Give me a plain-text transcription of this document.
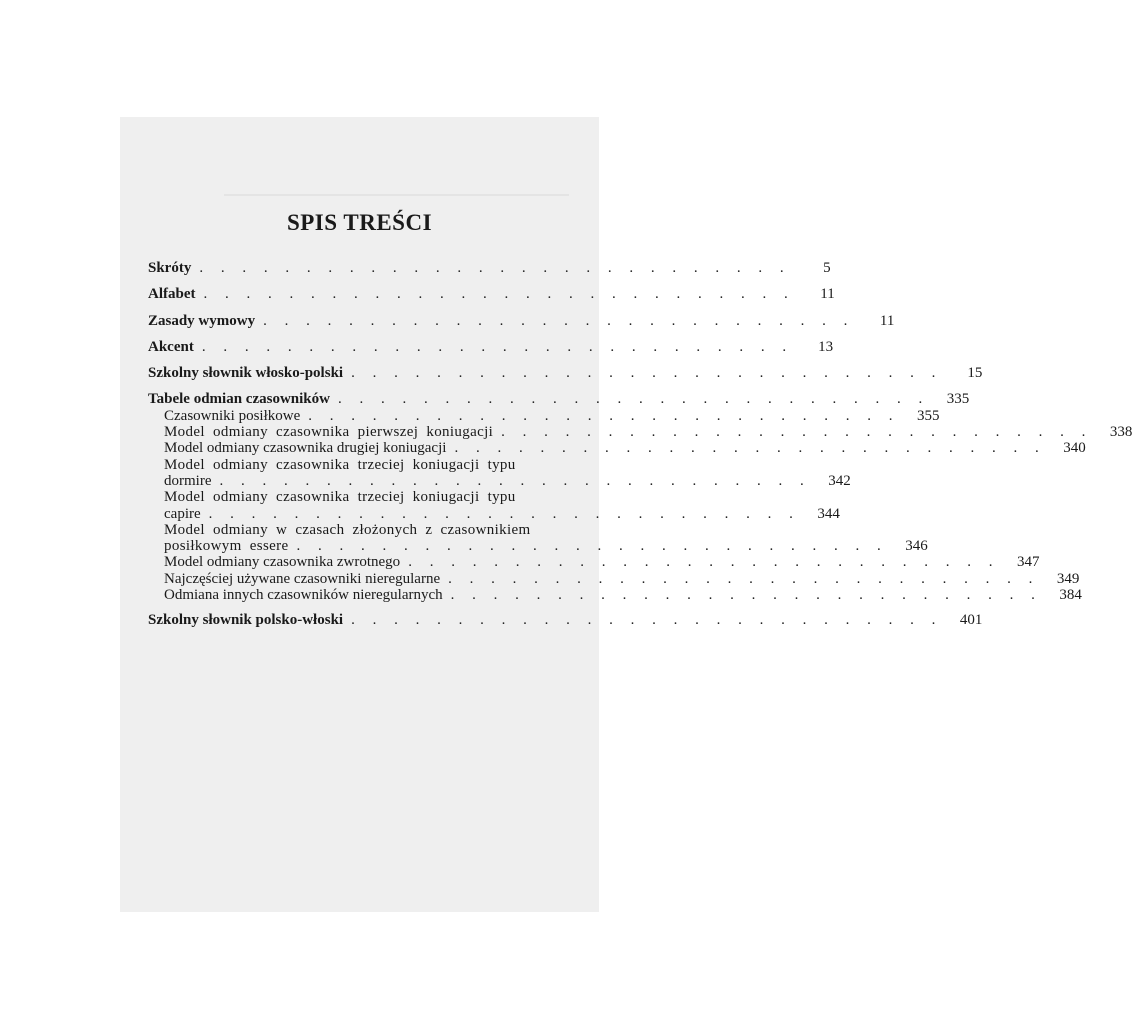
SPIS TREŚCI
Skróty . . . . . . . . . . . . . . . . . . . . . . . . . . . .	5
Alfabet . . . . . . . . . . . . . . . . . . . . . . . . . . . .	11
Zasady wymowy . . . . . . . . . . . . . . . . . . . . . . . . . . . .	11
Akcent . . . . . . . . . . . . . . . . . . . . . . . . . . . .	13
Szkolny słownik włosko-polski . . . . . . . . . . . . . . . . . . . . . . . . . . . .	15
Tabele odmian czasowników . . . . . . . . . . . . . . . . . . . . . . . . . . . .	335
Czasowniki posiłkowe . . . . . . . . . . . . . . . . . . . . . . . . . . . .	355
Model odmiany czasownika pierwszej koniugacji . . . . . . . . . . . . . . . . . . . . . . . . . . . .	338
Model odmiany czasownika drugiej koniugacji . . . . . . . . . . . . . . . . . . . . . . . . . . . .	340
Model odmiany czasownika trzeciej koniugacji typu
dormire . . . . . . . . . . . . . . . . . . . . . . . . . . . .	342
Model odmiany czasownika trzeciej koniugacji typu
capire . . . . . . . . . . . . . . . . . . . . . . . . . . . .	344
Model odmiany w czasach złożonych z czasownikiem
posiłkowym essere . . . . . . . . . . . . . . . . . . . . . . . . . . . .	346
Model odmiany czasownika zwrotnego . . . . . . . . . . . . . . . . . . . . . . . . . . . .	347
Najczęściej używane czasowniki nieregularne . . . . . . . . . . . . . . . . . . . . . . . . . . . .	349
Odmiana innych czasowników nieregularnych . . . . . . . . . . . . . . . . . . . . . . . . . . . .	384
Szkolny słownik polsko-włoski . . . . . . . . . . . . . . . . . . . . . . . . . . . .	401
